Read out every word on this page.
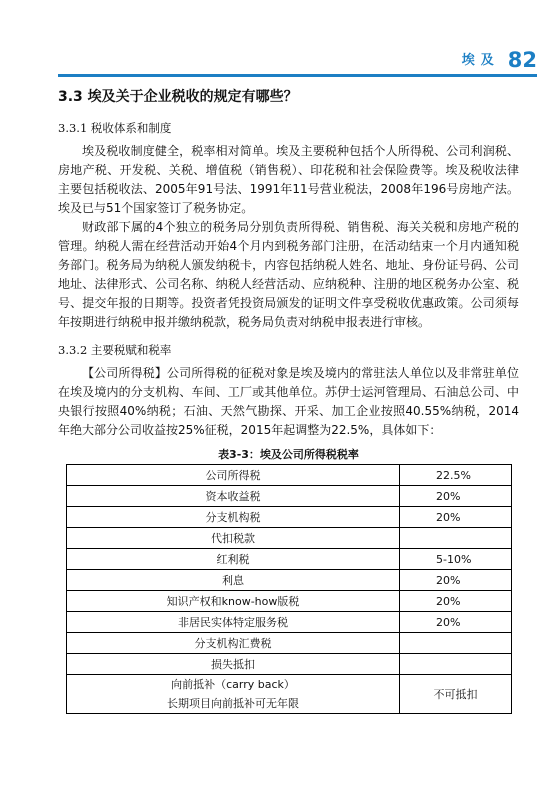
埃及 82
3.3 埃及关于企业税收的规定有哪些？
3.3.1 税收体系和制度

埃及税收制度健全，税率相对简单。埃及主要税种包括个人所得税、公司利润税、房地产税、开发税、关税、增值税（销售税）、印花税和社会保险费等。埃及税收法律主要包括税收法、2005年91号法、1991年11号营业税法，2008年196号房地产法。埃及已与51个国家签订了税务协定。

财政部下属的4个独立的税务局分别负责所得税、销售税、海关关税和房地产税的管理。纳税人需在经营活动开始4个月内到税务部门注册，在活动结束一个月内通知税务部门。税务局为纳税人颁发纳税卡，内容包括纳税人姓名、地址、身份证号码、公司地址、法律形式、公司名称、纳税人经营活动、应纳税种、注册的地区税务办公室、税号、提交年报的日期等。投资者凭投资局颁发的证明文件享受税收优惠政策。公司须每年按期进行纳税申报并缴纳税款，税务局负责对纳税申报表进行审核。

3.3.2 主要税赋和税率

【公司所得税】公司所得税的征税对象是埃及境内的常驻法人单位以及非常驻单位在埃及境内的分支机构、车间、工厂或其他单位。苏伊士运河管理局、石油总公司、中央银行按照40%纳税；石油、天然气勘探、开采、加工企业按照40.55%纳税，2014年绝大部分公司收益按25%征税，2015年起调整为22.5%，具体如下：

表3-3：埃及公司所得税税率
公司所得税	22.5%
资本收益税	20%
分支机构税	20%
代扣税款	
红利税	5-10%
利息	20%
知识产权和know-how版税	20%
非居民实体特定服务税	20%
分支机构汇费税	
损失抵扣	

向前抵补（carry back）
长期项目向前抵补可无年限	不可抵扣
